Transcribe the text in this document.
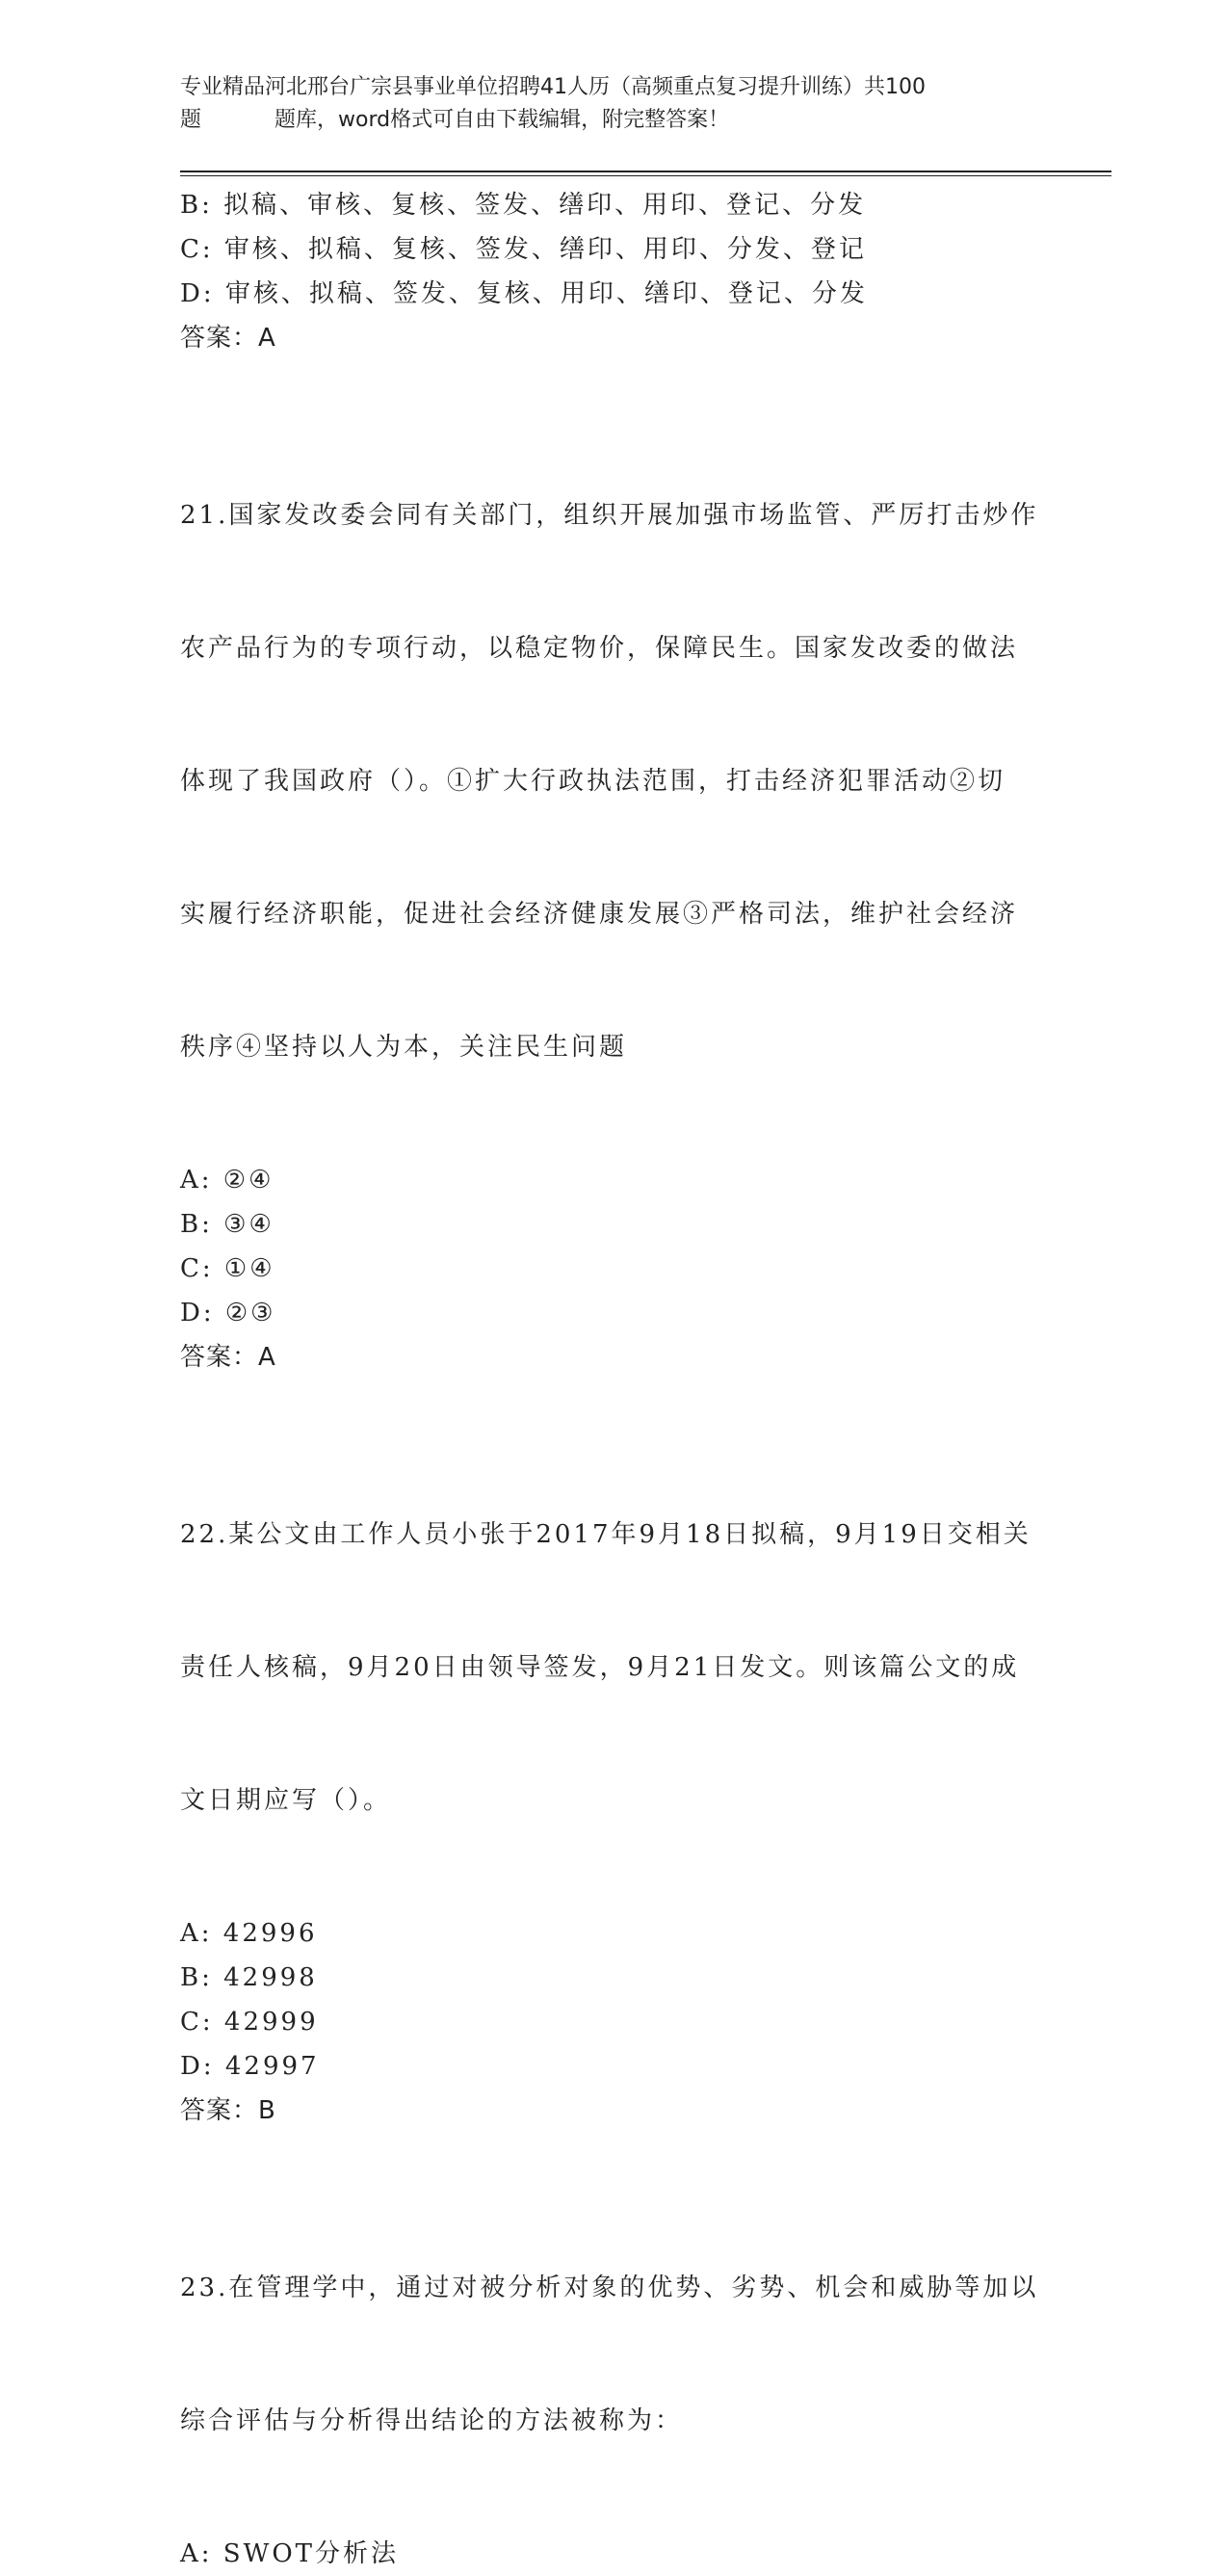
专业精品河北邢台广宗县事业单位招聘41人历（高频重点复习提升训练）共100
题	题库，word格式可自由下载编辑，附完整答案！
B: 拟稿、审核、复核、签发、缮印、用印、登记、分发
C: 审核、拟稿、复核、签发、缮印、用印、分发、登记
D: 审核、拟稿、签发、复核、用印、缮印、登记、分发
答案：A

21.国家发改委会同有关部门，组织开展加强市场监管、严厉打击炒作

农产品行为的专项行动，以稳定物价，保障民生。国家发改委的做法

体现了我国政府（）。①扩大行政执法范围，打击经济犯罪活动②切

实履行经济职能，促进社会经济健康发展③严格司法，维护社会经济

秩序④坚持以人为本，关注民生问题

A: ②④
B: ③④
C: ①④
D: ②③
答案：A

22.某公文由工作人员小张于2017年9月18日拟稿，9月19日交相关

责任人核稿，9月20日由领导签发，9月21日发文。则该篇公文的成

文日期应写（）。

A: 42996
B: 42998
C: 42999
D: 42997
答案：B

23.在管理学中，通过对被分析对象的优势、劣势、机会和威胁等加以

综合评估与分析得出结论的方法被称为：

A: SWOT分析法
